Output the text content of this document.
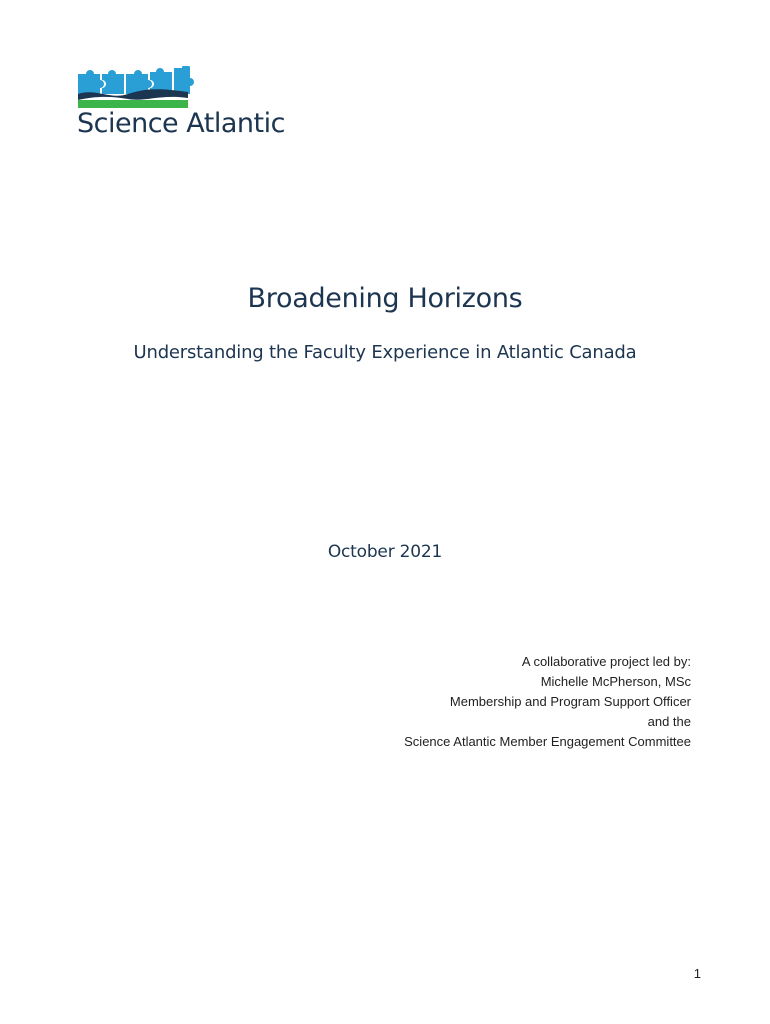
Science Atlantic
Broadening Horizons
Understanding the Faculty Experience in Atlantic Canada
October 2021
A collaborative project led by:
Michelle McPherson, MSc
Membership and Program Support Officer
and the
Science Atlantic Member Engagement Committee
1
